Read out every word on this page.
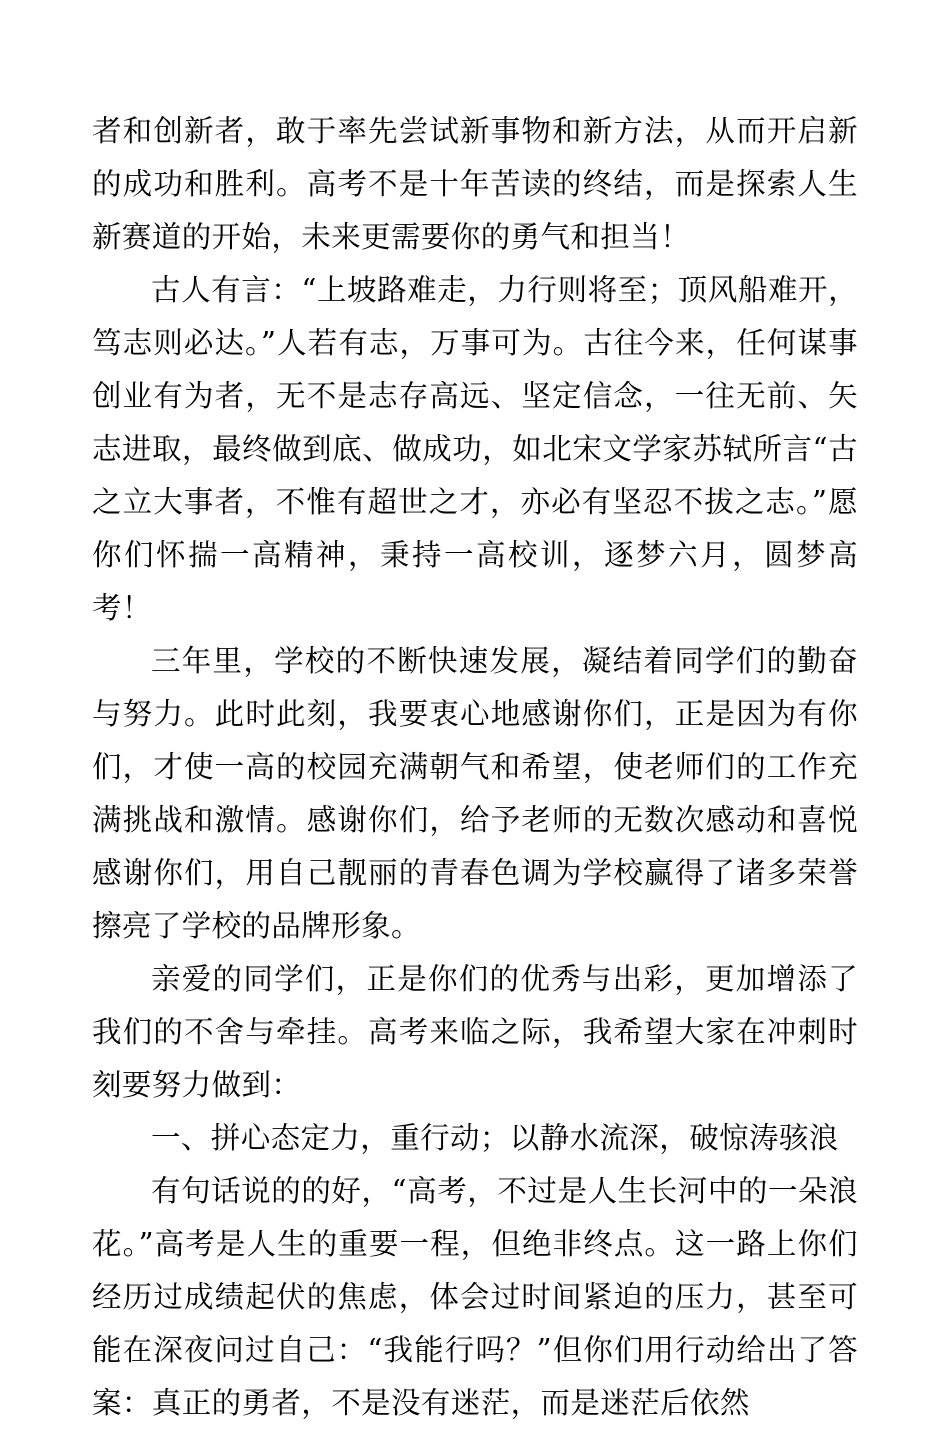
者和创新者，敢于率先尝试新事物和新方法，从而开启新的成功和胜利。高考不是十年苦读的终结，而是探索人生新赛道的开始，未来更需要你的勇气和担当！

古人有言：“上坡路难走，力行则将至；顶风船难开，笃志则必达。”人若有志，万事可为。古往今来，任何谋事创业有为者，无不是志存高远、坚定信念，一往无前、矢志进取，最终做到底、做成功，如北宋文学家苏轼所言“古之立大事者，不惟有超世之才，亦必有坚忍不拔之志。”愿你们怀揣一高精神，秉持一高校训，逐梦六月，圆梦高考！

三年里，学校的不断快速发展，凝结着同学们的勤奋与努力。此时此刻，我要衷心地感谢你们，正是因为有你们，才使一高的校园充满朝气和希望，使老师们的工作充满挑战和激情。感谢你们，给予老师的无数次感动和喜悦感谢你们，用自己靓丽的青春色调为学校赢得了诸多荣誉擦亮了学校的品牌形象。

亲爱的同学们，正是你们的优秀与出彩，更加增添了我们的不舍与牵挂。高考来临之际，我希望大家在冲刺时刻要努力做到：

一、拼心态定力，重行动；以静水流深，破惊涛骇浪

有句话说的的好，“高考，不过是人生长河中的一朵浪花。”高考是人生的重要一程，但绝非终点。这一路上你们经历过成绩起伏的焦虑，体会过时间紧迫的压力，甚至可能在深夜问过自己：“我能行吗？”但你们用行动给出了答案：真正的勇者，不是没有迷茫，而是迷茫后依然
